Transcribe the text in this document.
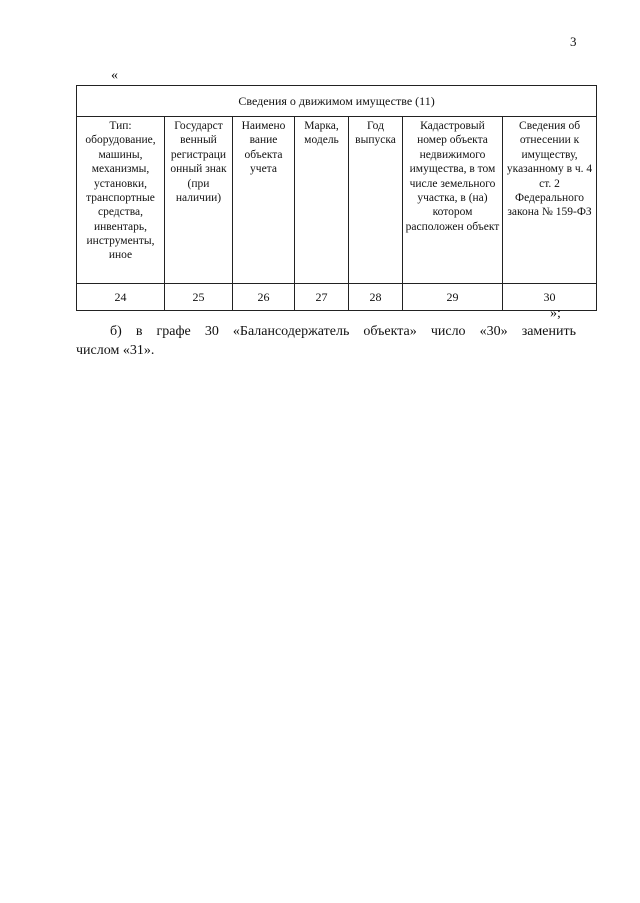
3
«
Сведения о движимом имуществе (11)						
Тип: оборудование, машины, механизмы, установки, транспортные средства, инвентарь, инструменты, иное	Государст венный регистраци онный знак (при наличии)	Наимено вание объекта учета	Марка, модель	Год выпуска	Кадастровый номер объекта недвижимого имущества, в том числе земельного участка, в (на) котором расположен объект	Сведения об отнесении к имуществу, указанному в ч. 4 ст. 2 Федерального закона № 159-ФЗ
24	25	26	27	28	29	30
»;
б) в графе 30 «Балансодержатель объекта» число «30» заменить
числом «31».
